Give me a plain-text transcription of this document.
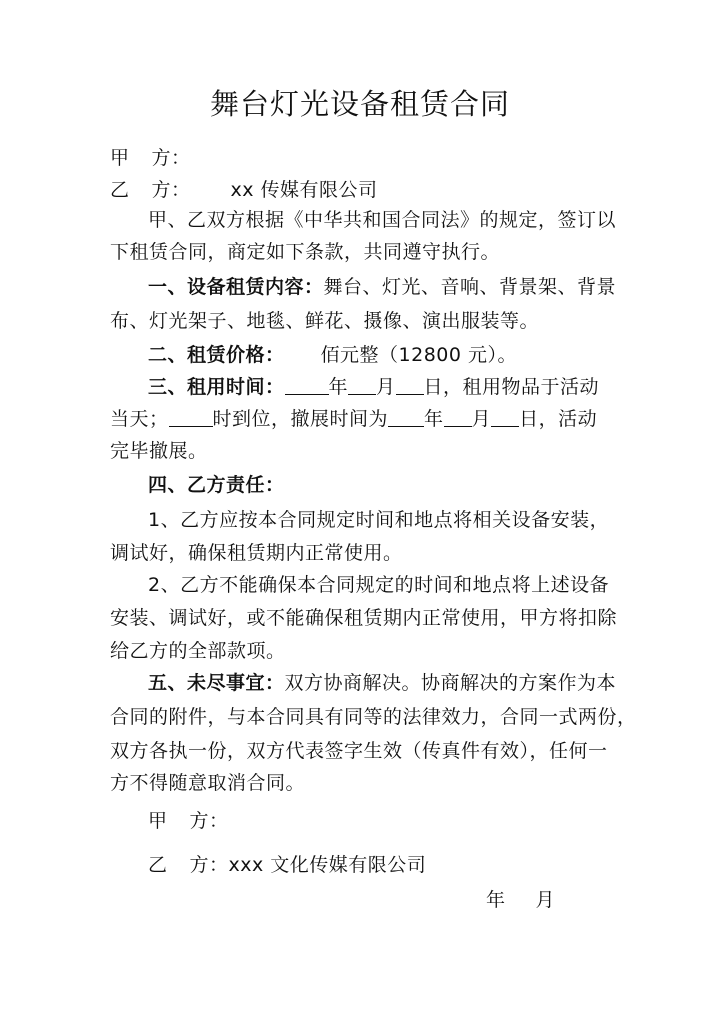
舞台灯光设备租赁合同
甲 方：
乙 方： xx 传媒有限公司
甲、乙双方根据《中华共和国合同法》的规定，签订以
下租赁合同，商定如下条款，共同遵守执行。
一、设备租赁内容：舞台、灯光、音响、背景架、背景
布、灯光架子、地毯、鲜花、摄像、演出服装等。
二、租赁价格： 佰元整（12800 元）。
三、租用时间： 年 月 日，租用物品于活动
当天； 时到位，撤展时间为 年 月 日，活动
完毕撤展。
四、乙方责任：
1、乙方应按本合同规定时间和地点将相关设备安装，
调试好，确保租赁期内正常使用。
2、乙方不能确保本合同规定的时间和地点将上述设备
安装、调试好，或不能确保租赁期内正常使用，甲方将扣除
给乙方的全部款项。
五、未尽事宜：双方协商解决。协商解决的方案作为本
合同的附件，与本合同具有同等的法律效力，合同一式两份，
双方各执一份，双方代表签字生效（传真件有效），任何一
方不得随意取消合同。
甲 方：
乙 方：xxx 文化传媒有限公司
年 月
